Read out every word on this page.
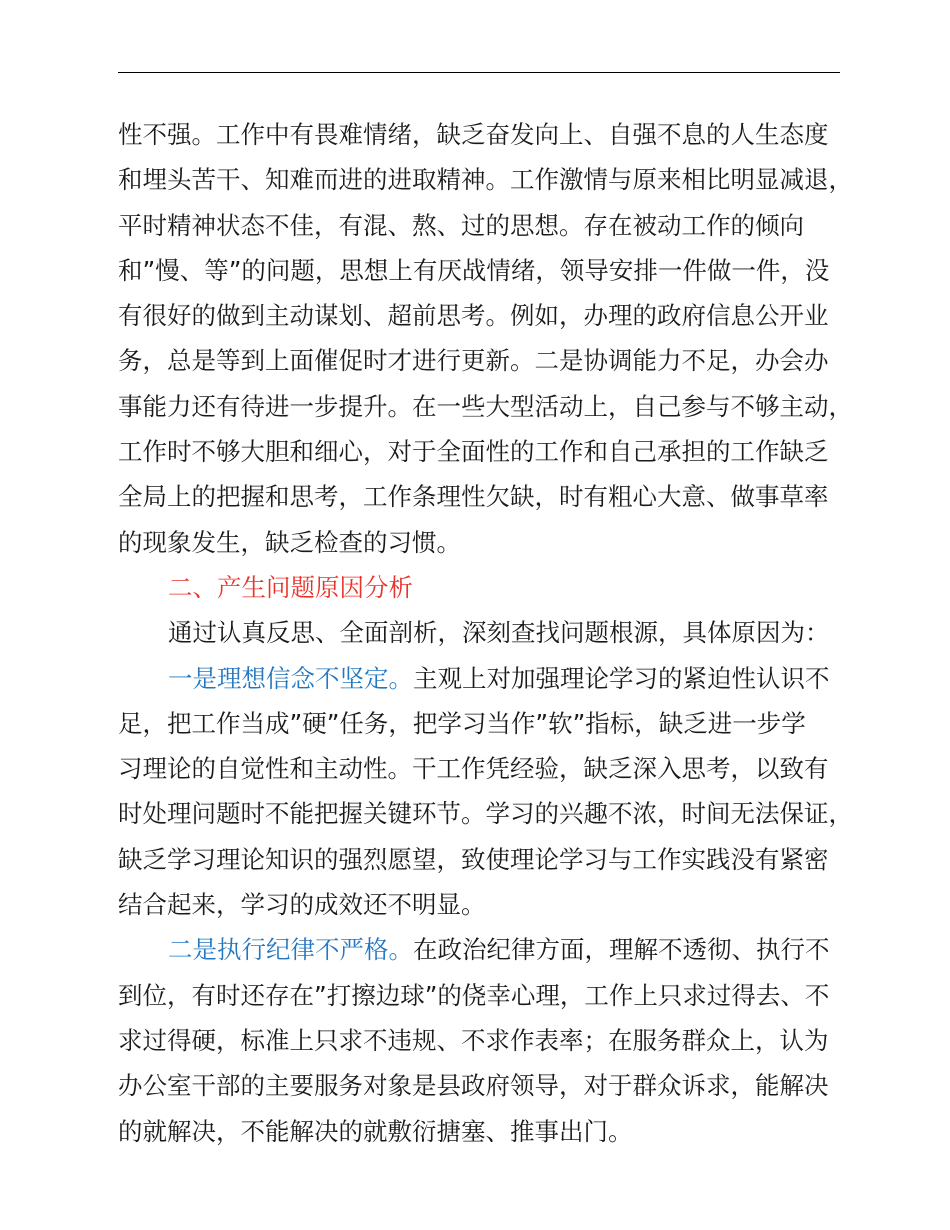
性不强。工作中有畏难情绪，缺乏奋发向上、自强不息的人生态度
和埋头苦干、知难而进的进取精神。工作激情与原来相比明显减退，
平时精神状态不佳，有混、熬、过的思想。存在被动工作的倾向
和”慢、等”的问题，思想上有厌战情绪，领导安排一件做一件，没
有很好的做到主动谋划、超前思考。例如，办理的政府信息公开业
务，总是等到上面催促时才进行更新。二是协调能力不足，办会办
事能力还有待进一步提升。在一些大型活动上，自己参与不够主动，
工作时不够大胆和细心，对于全面性的工作和自己承担的工作缺乏
全局上的把握和思考，工作条理性欠缺，时有粗心大意、做事草率
的现象发生，缺乏检查的习惯。
二、产生问题原因分析
通过认真反思、全面剖析，深刻查找问题根源，具体原因为：
一是理想信念不坚定。主观上对加强理论学习的紧迫性认识不
足，把工作当成”硬”任务，把学习当作”软”指标，缺乏进一步学
习理论的自觉性和主动性。干工作凭经验，缺乏深入思考，以致有
时处理问题时不能把握关键环节。学习的兴趣不浓，时间无法保证，
缺乏学习理论知识的强烈愿望，致使理论学习与工作实践没有紧密
结合起来，学习的成效还不明显。
二是执行纪律不严格。在政治纪律方面，理解不透彻、执行不
到位，有时还存在”打擦边球”的侥幸心理，工作上只求过得去、不
求过得硬，标准上只求不违规、不求作表率；在服务群众上，认为
办公室干部的主要服务对象是县政府领导，对于群众诉求，能解决
的就解决，不能解决的就敷衍搪塞、推事出门。
